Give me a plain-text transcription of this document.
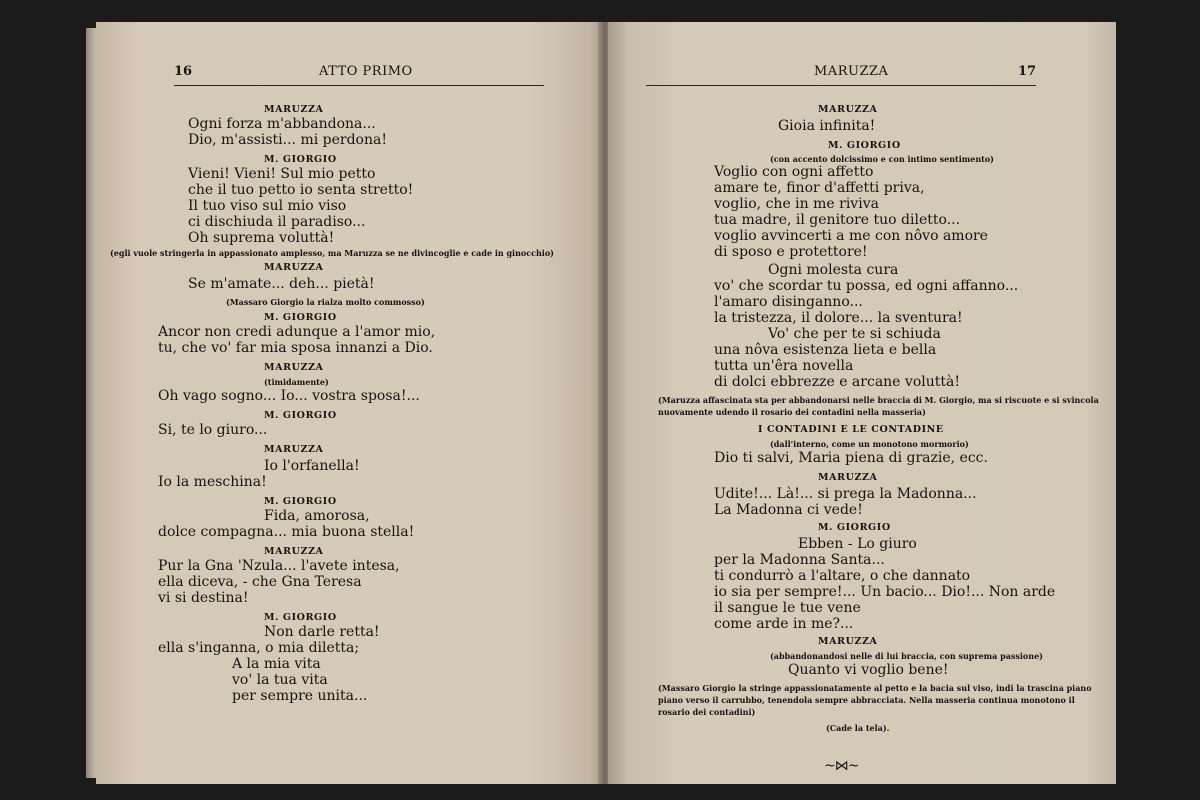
16	ATTO PRIMO
MARUZZA
Ogni forza m'abbandona...
Dio, m'assisti... mi perdona!
M. GIORGIO
Vieni! Vieni! Sul mio petto
che il tuo petto io senta stretto!
Il tuo viso sul mio viso
ci dischiuda il paradiso...
Oh suprema voluttà!
(egli vuole stringerla in appassionato amplesso, ma Maruzza se ne divincoglie e cade in ginocchio)
MARUZZA
Se m'amate... deh... pietà!
(Massaro Giorgio la rialza molto commosso)
M. GIORGIO
Ancor non credi adunque a l'amor mio,
tu, che vo' far mia sposa innanzi a Dio.
MARUZZA
(timidamente)
Oh vago sogno... Io... vostra sposa!...
M. GIORGIO
Si, te lo giuro...
MARUZZA
Io l'orfanella!
Io la meschina!
M. GIORGIO
Fida, amorosa,
dolce compagna... mia buona stella!
MARUZZA
Pur la Gna 'Nzula... l'avete intesa,
ella diceva, - che Gna Teresa
vi si destina!
M. GIORGIO
Non darle retta!
ella s'inganna, o mia diletta;
A la mia vita
vo' la tua vita
per sempre unita...
MARUZZA	17
MARUZZA
Gioia infinita!
M. GIORGIO
(con accento dolcissimo e con intimo sentimento)
Voglio con ogni affetto
amare te, finor d'affetti priva,
voglio, che in me riviva
tua madre, il genitore tuo diletto...
voglio avvincerti a me con nôvo amore
di sposo e protettore!
Ogni molesta cura
vo' che scordar tu possa, ed ogni affanno...
l'amaro disinganno...
la tristezza, il dolore... la sventura!
Vo' che per te si schiuda
una nôva esistenza lieta e bella
tutta un'êra novella
di dolci ebbrezze e arcane voluttà!
(Maruzza affascinata sta per abbandonarsi nelle braccia di M. Giorgio, ma si riscuote e si svincola
nuovamente udendo il rosario dei contadini nella masseria)
I CONTADINI E LE CONTADINE
(dall'interno, come un monotono mormorio)
Dio ti salvi, Maria piena di grazie, ecc.
MARUZZA
Udite!... Là!... si prega la Madonna...
La Madonna ci vede!
M. GIORGIO
Ebben - Lo giuro
per la Madonna Santa...
ti condurrò a l'altare, o che dannato
io sia per sempre!... Un bacio... Dio!... Non arde
il sangue le tue vene
come arde in me?...
MARUZZA
(abbandonandosi nelle di lui braccia, con suprema passione)
Quanto vi voglio bene!
(Massaro Giorgio la stringe appassionatamente al petto e la bacia sul viso, indi la trascina piano
piano verso il carrubbo, tenendola sempre abbracciata. Nella masseria continua monotono il
rosario dei contadini)
(Cade la tela).
~⋈~
